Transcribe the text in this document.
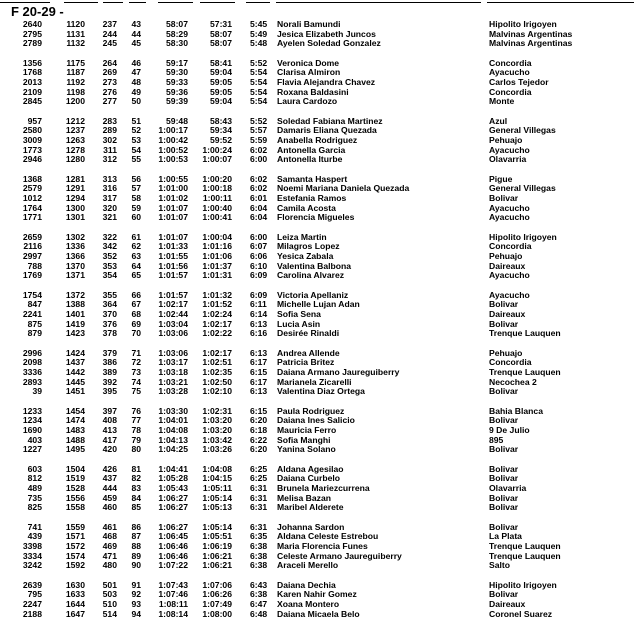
F 20-29 -
2640	1120 237 43	58:07	57:31 5:45 Norali Bamundi	Hipolito Irigoyen
2795	1131 244 44	58:29	58:07 5:49 Jesica Elizabeth Juncos	Malvinas Argentinas
2789	1132 245 45	58:30	58:07 5:48 Ayelen Soledad Gonzalez	Malvinas Argentinas
1356	1175 264 46	59:17	58:41 5:52 Veronica Dome	Concordia
1768	1187 269 47	59:30	59:04 5:54 Clarisa Almiron	Ayacucho
2013	1192 273 48	59:33	59:05 5:54 Flavia Alejandra Chavez	Carlos Tejedor
2109	1198 276 49	59:36	59:05 5:54 Roxana Baldasini	Concordia
2845	1200 277 50	59:39	59:04 5:54 Laura Cardozo	Monte
957	1212 283 51	59:48	58:43 5:52 Soledad Fabiana Martinez	Azul
2580	1237 289 52	1:00:17	59:34 5:57 Damaris Eliana Quezada	General Villegas
3009	1263 302 53	1:00:42	59:52 5:59 Anabella Rodriguez	Pehuajo
1773	1278 311 54	1:00:52	1:00:24 6:02 Antonella Garcia	Ayacucho
2946	1280 312 55	1:00:53	1:00:07 6:00 Antonella Iturbe	Olavarria
1368	1281 313 56	1:00:55	1:00:20 6:02 Samanta Haspert	Pigue
2579	1291 316 57	1:01:00	1:00:18 6:02 Noemi Mariana Daniela Quezada	General Villegas
1012	1294 317 58	1:01:02	1:00:11 6:01 Estefania Ramos	Bolivar
1764	1300 320 59	1:01:07	1:00:40 6:04 Camila Acosta	Ayacucho
1771	1301 321 60	1:01:07	1:00:41 6:04 Florencia Migueles	Ayacucho
2659	1302 322 61	1:01:07	1:00:04 6:00 Leiza Martin	Hipolito Irigoyen
2116	1336 342 62	1:01:33	1:01:16 6:07 Milagros Lopez	Concordia
2997	1366 352 63	1:01:55	1:01:06 6:06 Yesica Zabala	Pehuajo
788	1370 353 64	1:01:56	1:01:37 6:10 Valentina Balbona	Daireaux
1769	1371 354 65	1:01:57	1:01:31 6:09 Carolina Alvarez	Ayacucho
1754	1372 355 66	1:01:57	1:01:32 6:09 Victoria Apellaniz	Ayacucho
847	1388 364 67	1:02:17	1:01:52 6:11 Michelle Lujan Adan	Bolivar
2241	1401 370 68	1:02:44	1:02:24 6:14 Sofia Sena	Daireaux
875	1419 376 69	1:03:04	1:02:17 6:13 Lucia Asin	Bolivar
879	1423 378 70	1:03:06	1:02:22 6:16 Desirée Rinaldi	Trenque Lauquen
2996	1424 379 71	1:03:06	1:02:17 6:13 Andrea Allende	Pehuajo
2098	1437 386 72	1:03:17	1:02:51 6:17 Patricia Britez	Concordia
3336	1442 389 73	1:03:18	1:02:35 6:15 Daiana Armano Jaureguiberry	Trenque Lauquen
2893	1445 392 74	1:03:21	1:02:50 6:17 Marianela Zicarelli	Necochea 2
39	1451 395 75	1:03:28	1:02:10 6:13 Valentina Diaz Ortega	Bolivar
1233	1454 397 76	1:03:30	1:02:31 6:15 Paula Rodriguez	Bahia Blanca
1234	1474 408 77	1:04:01	1:03:20 6:20 Daiana Ines Salicio	Bolivar
1690	1483 413 78	1:04:08	1:03:20 6:18 Mauricia Ferro	9 De Julio
403	1488 417 79	1:04:13	1:03:42 6:22 Sofia Manghi	895
1227	1495 420 80	1:04:25	1:03:26 6:20 Yanina Solano	Bolivar
603	1504 426 81	1:04:41	1:04:08 6:25 Aldana Agesilao	Bolivar
812	1519 437 82	1:05:28	1:04:15 6:25 Daiana Curbelo	Bolivar
489	1528 444 83	1:05:43	1:05:11 6:31 Brunela Mariezcurrena	Olavarria
735	1556 459 84	1:06:27	1:05:14 6:31 Melisa Bazan	Bolivar
825	1558 460 85	1:06:27	1:05:13 6:31 Maribel Alderete	Bolivar
741	1559 461 86	1:06:27	1:05:14 6:31 Johanna Sardon	Bolivar
439	1571 468 87	1:06:45	1:05:51 6:35 Aldana Celeste Estrebou	La Plata
3398	1572 469 88	1:06:46	1:06:19 6:38 Maria Florencia Funes	Trenque Lauquen
3334	1574 471 89	1:06:46	1:06:21 6:38 Celeste Armano Jaureguiberry	Trenque Lauquen
3242	1592 480 90	1:07:22	1:06:21 6:38 Araceli Merello	Salto
2639	1630 501 91	1:07:43	1:07:06 6:43 Daiana Dechia	Hipolito Irigoyen
795	1633 503 92	1:07:46	1:06:26 6:38 Karen Nahir Gomez	Bolivar
2247	1644 510 93	1:08:11	1:07:49 6:47 Xoana Montero	Daireaux
2188	1647 514 94	1:08:14	1:08:00 6:48 Daiana Micaela Belo	Coronel Suarez
